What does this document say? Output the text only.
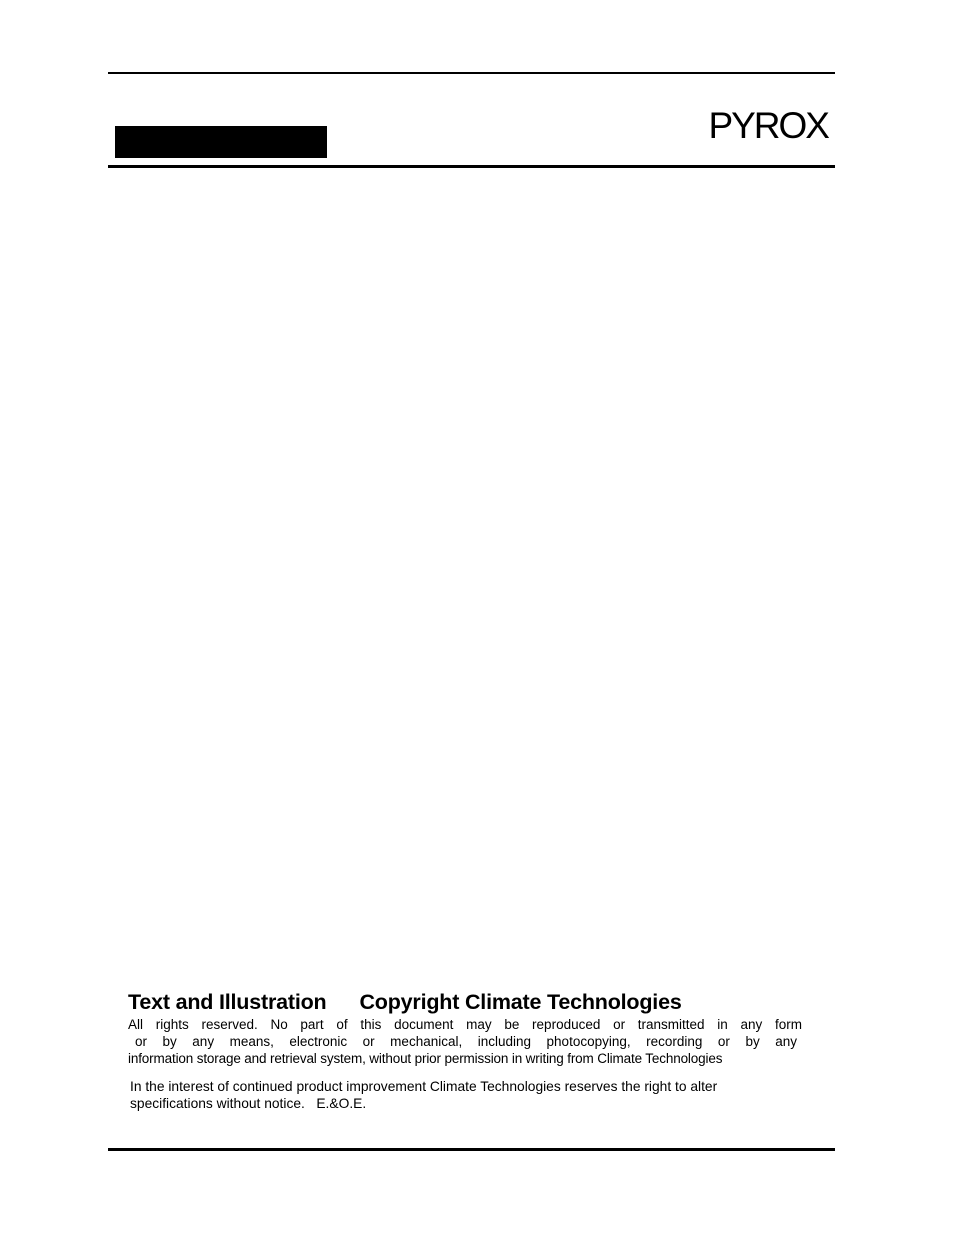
PYROX
Text and Illustration Copyright Climate Technologies
All rights reserved. No part of this document may be reproduced or transmitted in any form
or by any means, electronic or mechanical, including photocopying, recording or by any
information storage and retrieval system, without prior permission in writing from Climate Technologies
In the interest of continued product improvement Climate Technologies reserves the right to alter
specifications without notice.   E.&O.E.
